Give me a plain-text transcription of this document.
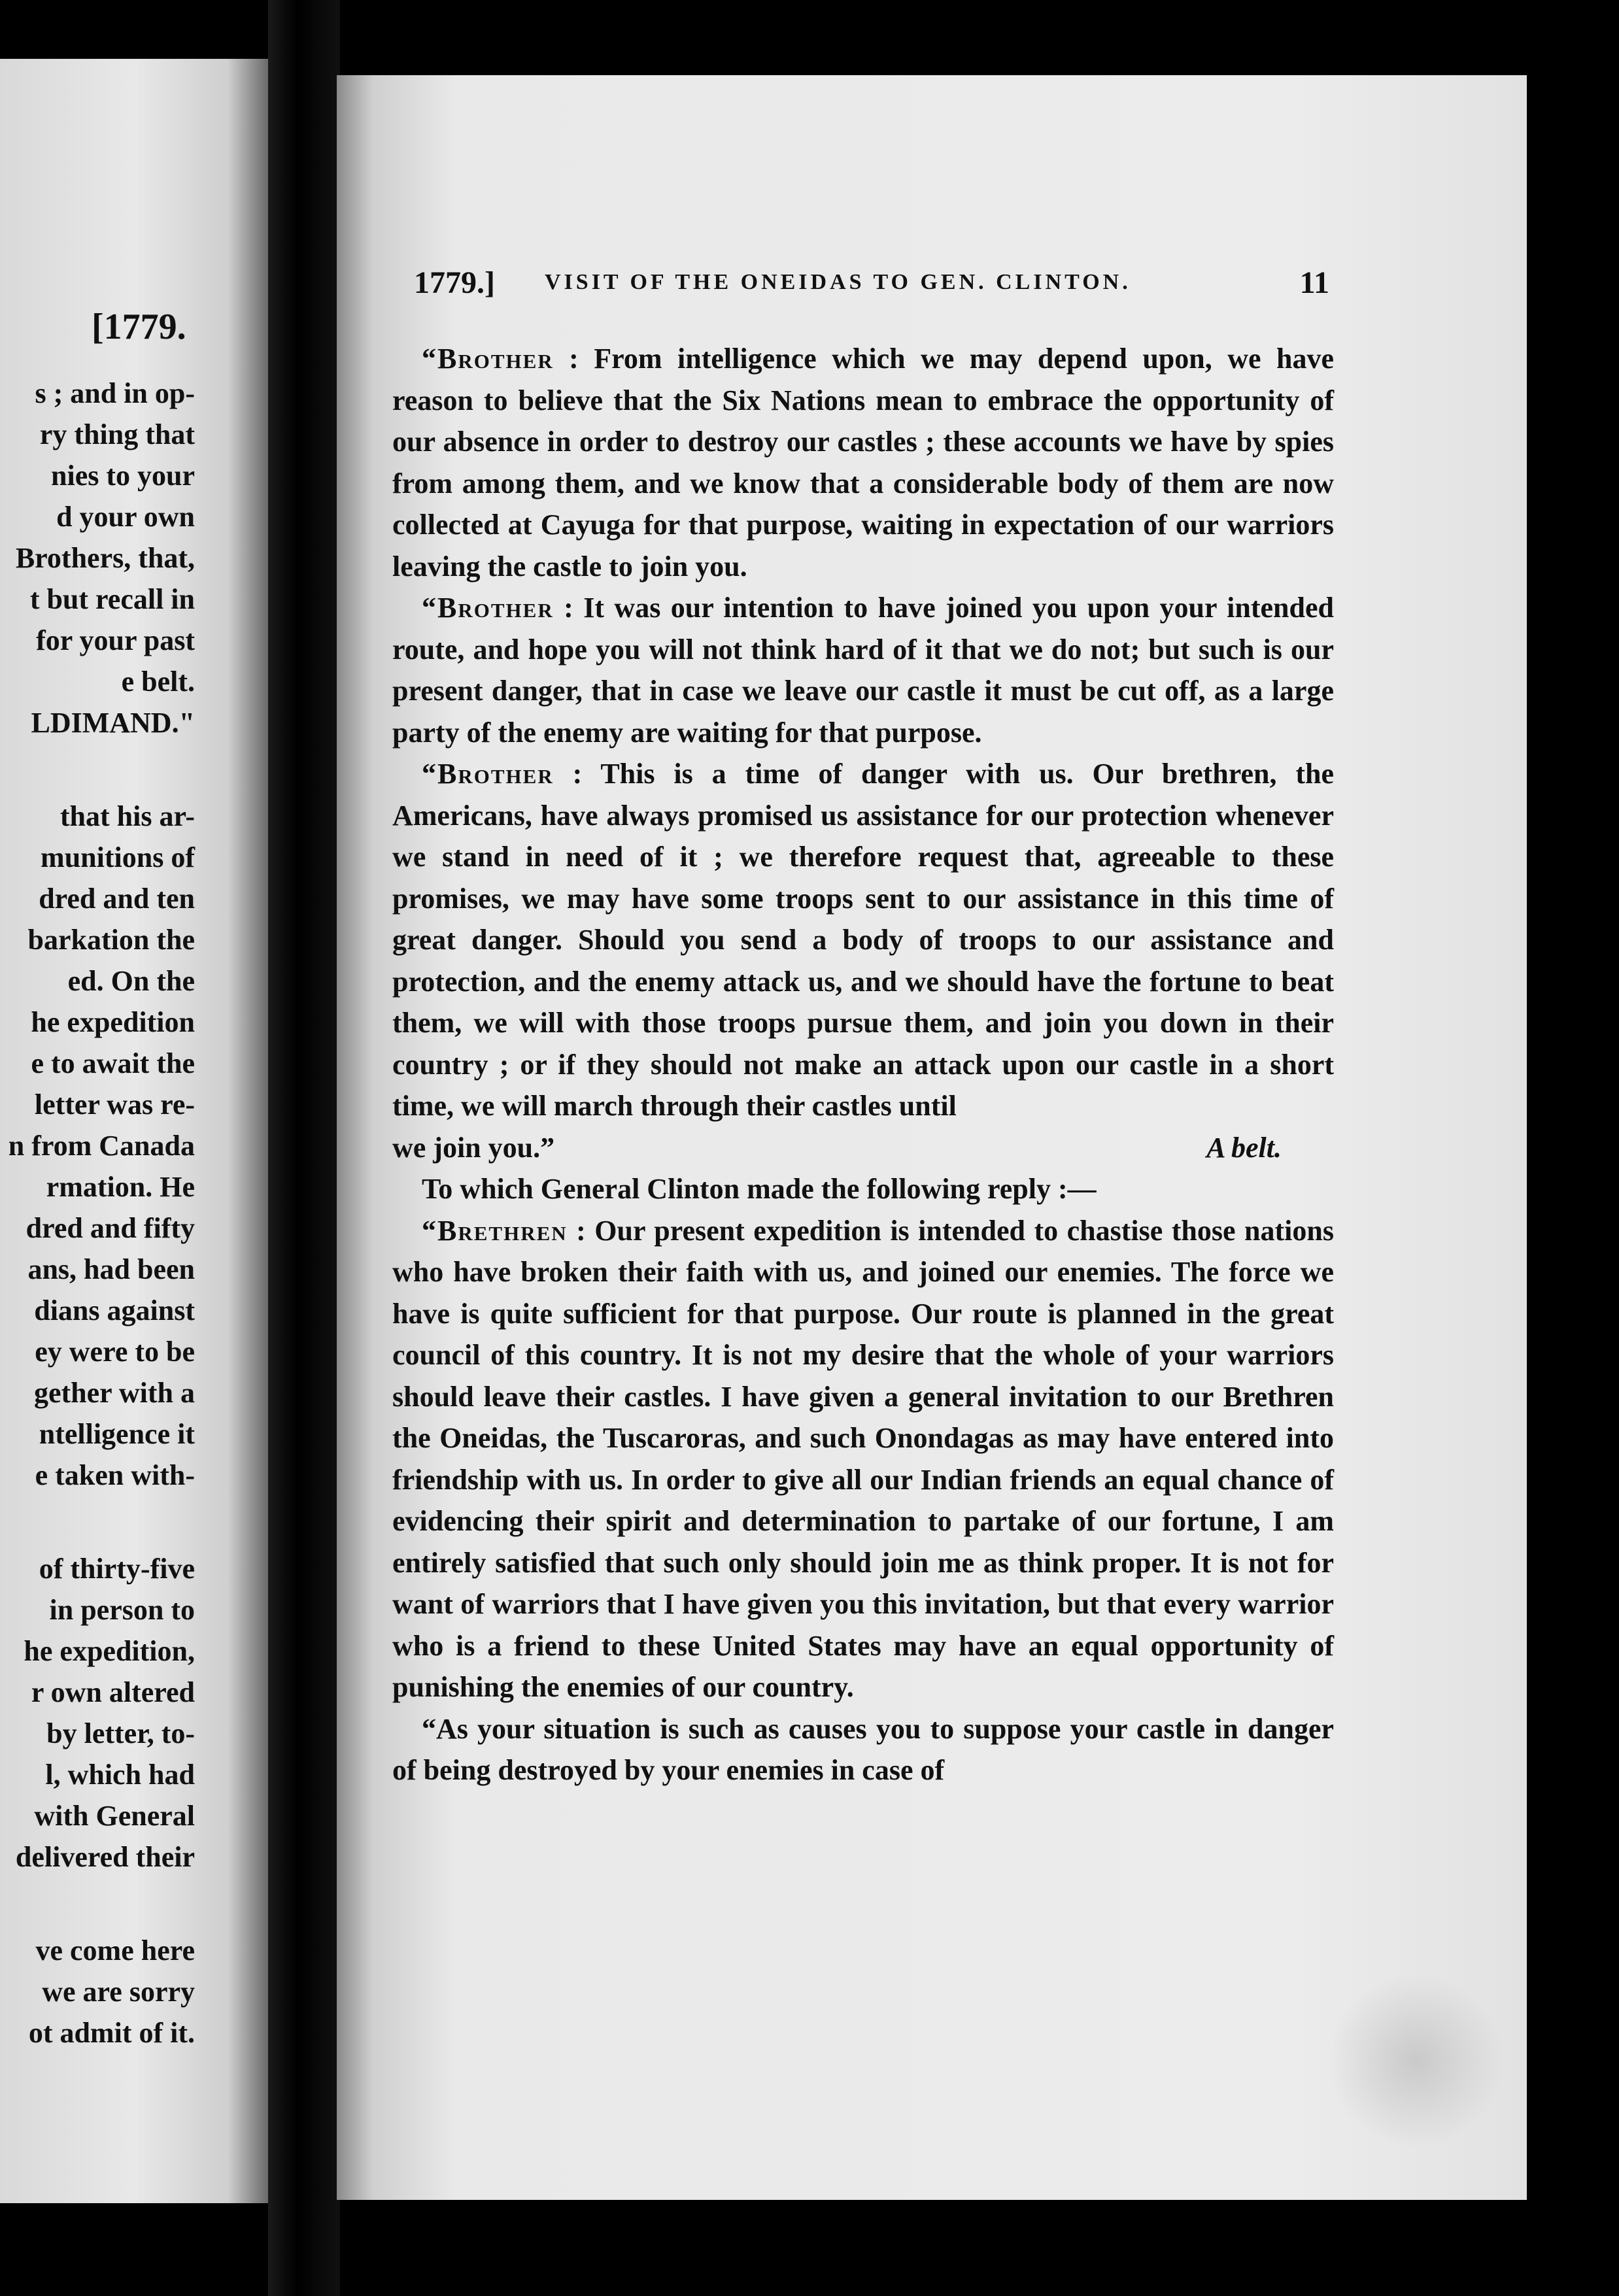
[1779.
s ; and in op-
ry thing that
nies to your
d your own
Brothers, that,
t but recall in
for your past
e belt.
LDIMAND."
that his ar-
munitions of
dred and ten
barkation the
ed. On the
he expedition
e to await the
letter was re-
n from Canada
rmation. He
dred and fifty
ans, had been
dians against
ey were to be
gether with a
ntelligence it
e taken with-
of thirty-five
in person to
he expedition,
r own altered
by letter, to-
l, which had
with General
delivered their
ve come here
we are sorry
ot admit of it.
1779.] VISIT OF THE ONEIDAS TO GEN. CLINTON.	11

“Brother : From intelligence which we may depend upon, we have reason to believe that the Six Nations mean to embrace the opportunity of our absence in order to destroy our castles ; these accounts we have by spies from among them, and we know that a considerable body of them are now collected at Cayuga for that purpose, waiting in expectation of our warriors leaving the castle to join you.

“Brother : It was our intention to have joined you upon your intended route, and hope you will not think hard of it that we do not; but such is our present danger, that in case we leave our castle it must be cut off, as a large party of the enemy are waiting for that purpose.

“Brother : This is a time of danger with us. Our brethren, the Americans, have always promised us assistance for our protection whenever we stand in need of it ; we therefore request that, agreeable to these promises, we may have some troops sent to our assistance in this time of great danger. Should you send a body of troops to our assistance and protection, and the enemy attack us, and we should have the fortune to beat them, we will with those troops pursue them, and join you down in their country ; or if they should not make an attack upon our castle in a short time, we will march through their castles until

we join you.”	A belt.

To which General Clinton made the following reply :—

“Brethren : Our present expedition is intended to chastise those nations who have broken their faith with us, and joined our enemies. The force we have is quite sufficient for that purpose. Our route is planned in the great council of this country. It is not my desire that the whole of your warriors should leave their castles. I have given a general invitation to our Brethren the Oneidas, the Tuscaroras, and such Onondagas as may have entered into friendship with us. In order to give all our Indian friends an equal chance of evidencing their spirit and determination to partake of our fortune, I am entirely satisfied that such only should join me as think proper. It is not for want of warriors that I have given you this invitation, but that every warrior who is a friend to these United States may have an equal opportunity of punishing the enemies of our country.

“As your situation is such as causes you to suppose your castle in danger of being destroyed by your enemies in case of
